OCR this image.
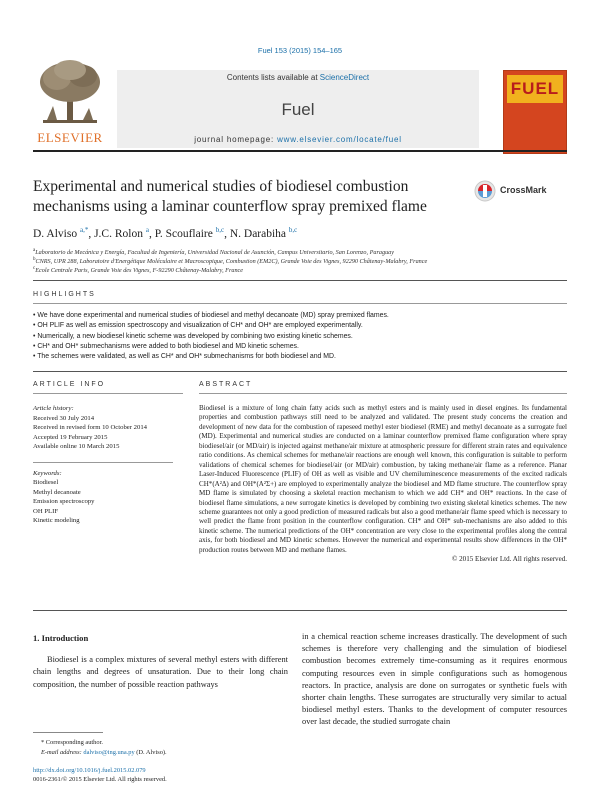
Fuel 153 (2015) 154–165
ELSEVIER
Contents lists available at ScienceDirect
Fuel
journal homepage: www.elsevier.com/locate/fuel
FUEL

Experimental and numerical studies of biodiesel combustion mechanisms using a laminar counterflow spray premixed flame
CrossMark
D. Alviso $^{a,*}$, J.C. Rolon $^a$, P. Scouflaire $^{b,c}$, N. Darabiha $^{b,c}$
$^a$Laboratorio de Mecánica y Energía, Facultad de Ingeniería, Universidad Nacional de Asunción, Campus Universitario, San Lorenzo, Paraguay
$^b$CNRS, UPR 288, Laboratoire d'Energétique Moléculaire et Macroscopique, Combustion (EM2C), Grande Voie des Vignes, 92290 Châtenay-Malabry, France
$^c$Ecole Centrale Paris, Grande Voie des Vignes, F-92290 Châtenay-Malabry, France
HIGHLIGHTS
• We have done experimental and numerical studies of biodiesel and methyl decanoate (MD) spray premixed flames.
• OH PLIF as well as emission spectroscopy and visualization of CH* and OH* are employed experimentally.
• Numerically, a new biodiesel kinetic scheme was developed by combining two existing kinetic schemes.
• CH* and OH* submechanisms were added to both biodiesel and MD kinetic schemes.
• The schemes were validated, as well as CH* and OH* submechanisms for both biodiesel and MD.
ARTICLE INFO	ABSTRACT
Article history:
Received 30 July 2014
Received in revised form 10 October 2014
Accepted 19 February 2015
Available online 10 March 2015
Keywords:
Biodiesel
Methyl decanoate
Emission spectroscopy
OH PLIF
Kinetic modeling
Biodiesel is a mixture of long chain fatty acids such as methyl esters and is mainly used in diesel engines. Its fundamental properties and combustion pathways still need to be analyzed and validated. The present study concerns the creation and development of new data for the combustion of rapeseed methyl ester biodiesel (RME) and methyl decanoate as a surrogate fuel (MD). Experimental and numerical studies are conducted on a laminar counterflow premixed flame configuration where spray biodiesel/air (or MD/air) is injected against methane/air mixture at atmospheric pressure for different strain rates and equivalence ratio conditions. As chemical schemes for methane/air reactions are enough well known, this configuration is suitable to perform validations of chemical schemes for biodiesel/air (or MD/air) combustion, by taking methane/air flame as a reference. Planar Laser-Induced Fluorescence (PLIF) of OH as well as visible and UV chemiluminescence measurements of the excited radicals CH*(A²Δ) and OH*(A²Σ+) are employed to experimentally analyze the biodiesel and MD flame structure. The counterflow spray MD flame is simulated by choosing a skeletal reaction mechanism to which we add CH* and OH* reactions. In the case of biodiesel flame simulations, a new surrogate kinetics is developed by combining two existing skeletal kinetics schemes. The new scheme guarantees not only a good prediction of measured radicals but also a good methane/air flame speed which is necessary to well predict the flame front position in the counterflow configuration. CH* and OH* sub-mechanisms are also added to this kinetic scheme. The numerical predictions of the OH* concentration are very close to the experimental profiles along the central axis, for both biodiesel and MD kinetic schemes. However the numerical and experimental results show differences in the OH* production routes between MD and methane flames.
© 2015 Elsevier Ltd. All rights reserved.
1. Introduction

Biodiesel is a complex mixtures of several methyl esters with different chain lengths and degrees of unsaturation. Due to their long chain composition, the number of possible reaction pathways

in a chemical reaction scheme increases drastically. The development of such schemes is therefore very challenging and the simulation of biodiesel combustion becomes extremely time-consuming as it requires enormous computing resources even in simple configurations such as homogenous reactors. In practice, analysis are done on surrogates or synthetic fuels with shorter chain lengths. These surrogates are structurally very similar to actual biodiesel methyl esters. Thanks to the development of computer resources over last decade, the studied surrogate chain

* Corresponding author.
E-mail address: dalviso@ing.una.py (D. Alviso).
http://dx.doi.org/10.1016/j.fuel.2015.02.079
0016-2361/© 2015 Elsevier Ltd. All rights reserved.
